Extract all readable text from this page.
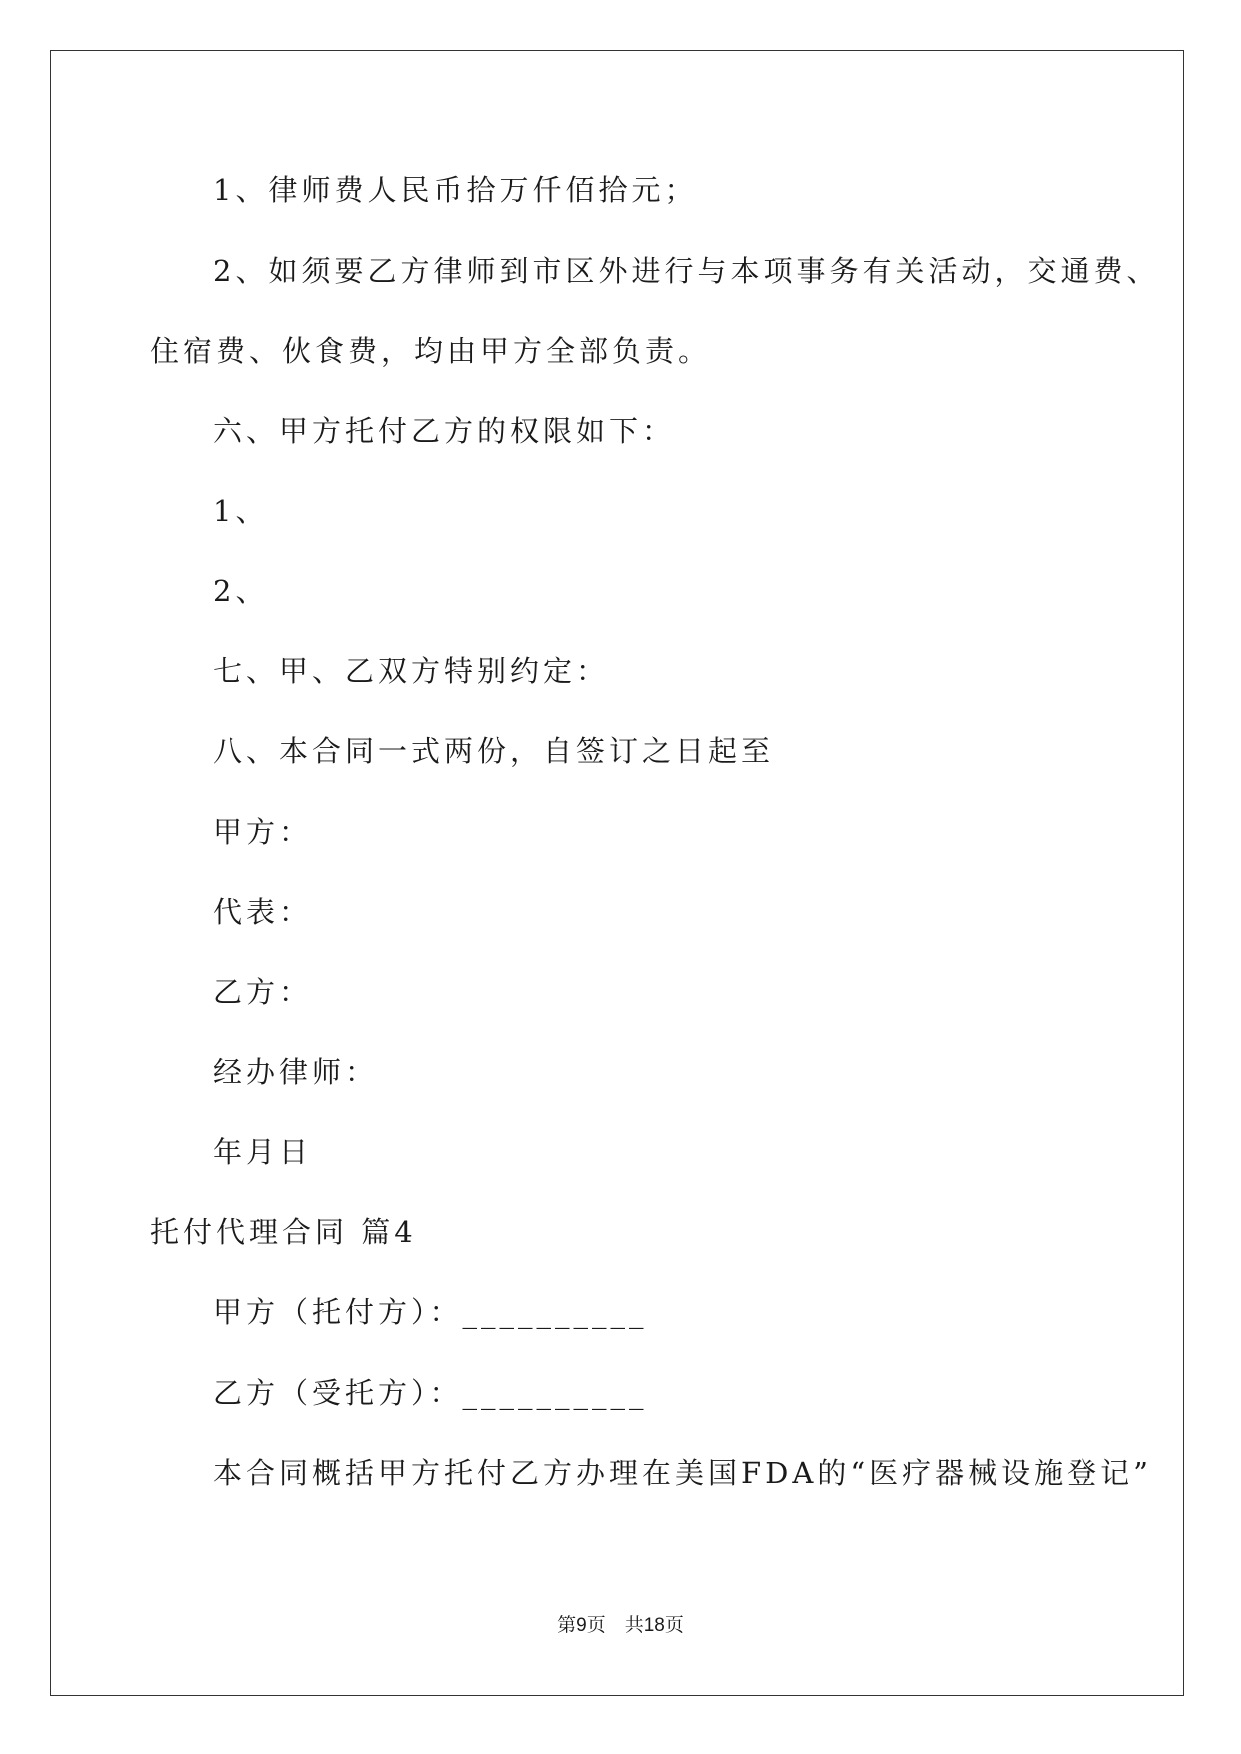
1、律师费人民币拾万仟佰拾元；
2、如须要乙方律师到市区外进行与本项事务有关活动，交通费、
住宿费、伙食费，均由甲方全部负责。
六、甲方托付乙方的权限如下：
1、
2、
七、甲、乙双方特别约定：
八、本合同一式两份，自签订之日起至
甲方：
代表：
乙方：
经办律师：
年月日
托付代理合同 篇4
甲方（托付方）：__________
乙方（受托方）：__________
本合同概括甲方托付乙方办理在美国FDA的“医疗器械设施登记”
第9页　共18页
